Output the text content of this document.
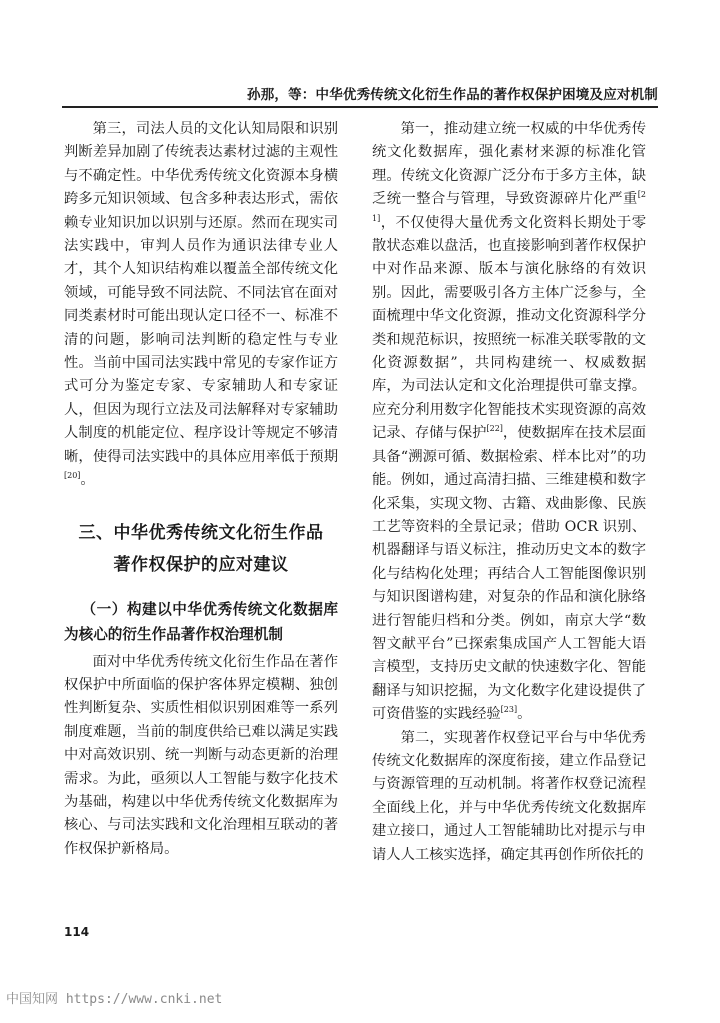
孙那，等：中华优秀传统文化衍生作品的著作权保护困境及应对机制

第三，司法人员的文化认知局限和识别判断差异加剧了传统表达素材过滤的主观性与不确定性。中华优秀传统文化资源本身横跨多元知识领域、包含多种表达形式，需依赖专业知识加以识别与还原。然而在现实司法实践中，审判人员作为通识法律专业人才，其个人知识结构难以覆盖全部传统文化领域，可能导致不同法院、不同法官在面对同类素材时可能出现认定口径不一、标准不清的问题，影响司法判断的稳定性与专业性。当前中国司法实践中常见的专家作证方式可分为鉴定专家、专家辅助人和专家证人，但因为现行立法及司法解释对专家辅助人制度的机能定位、程序设计等规定不够清晰，使得司法实践中的具体应用率低于预期[20]。

三、中华优秀传统文化衍生作品
著作权保护的应对建议
（一）构建以中华优秀传统文化数据库为核心的衍生作品著作权治理机制

面对中华优秀传统文化衍生作品在著作权保护中所面临的保护客体界定模糊、独创性判断复杂、实质性相似识别困难等一系列制度难题，当前的制度供给已难以满足实践中对高效识别、统一判断与动态更新的治理需求。为此，亟须以人工智能与数字化技术为基础，构建以中华优秀传统文化数据库为核心、与司法实践和文化治理相互联动的著作权保护新格局。

第一，推动建立统一权威的中华优秀传统文化数据库，强化素材来源的标准化管理。传统文化资源广泛分布于多方主体，缺乏统一整合与管理，导致资源碎片化严重[21]，不仅使得大量优秀文化资料长期处于零散状态难以盘活，也直接影响到著作权保护中对作品来源、版本与演化脉络的有效识别。因此，需要吸引各方主体广泛参与，全面梳理中华文化资源，推动文化资源科学分类和规范标识，按照统一标准关联零散的文化资源数据”，共同构建统一、权威数据库，为司法认定和文化治理提供可靠支撑。应充分利用数字化智能技术实现资源的高效记录、存储与保护[22]，使数据库在技术层面具备“溯源可循、数据检索、样本比对”的功能。例如，通过高清扫描、三维建模和数字化采集，实现文物、古籍、戏曲影像、民族工艺等资料的全景记录；借助 OCR 识别、机器翻译与语义标注，推动历史文本的数字化与结构化处理；再结合人工智能图像识别与知识图谱构建，对复杂的作品和演化脉络进行智能归档和分类。例如，南京大学“数智文献平台”已探索集成国产人工智能大语言模型，支持历史文献的快速数字化、智能翻译与知识挖掘，为文化数字化建设提供了可资借鉴的实践经验[23]。

第二，实现著作权登记平台与中华优秀传统文化数据库的深度衔接，建立作品登记与资源管理的互动机制。将著作权登记流程全面线上化，并与中华优秀传统文化数据库建立接口，通过人工智能辅助比对提示与申请人人工核实选择，确定其再创作所依托的

114
中国知网 https://www.cnki.net
